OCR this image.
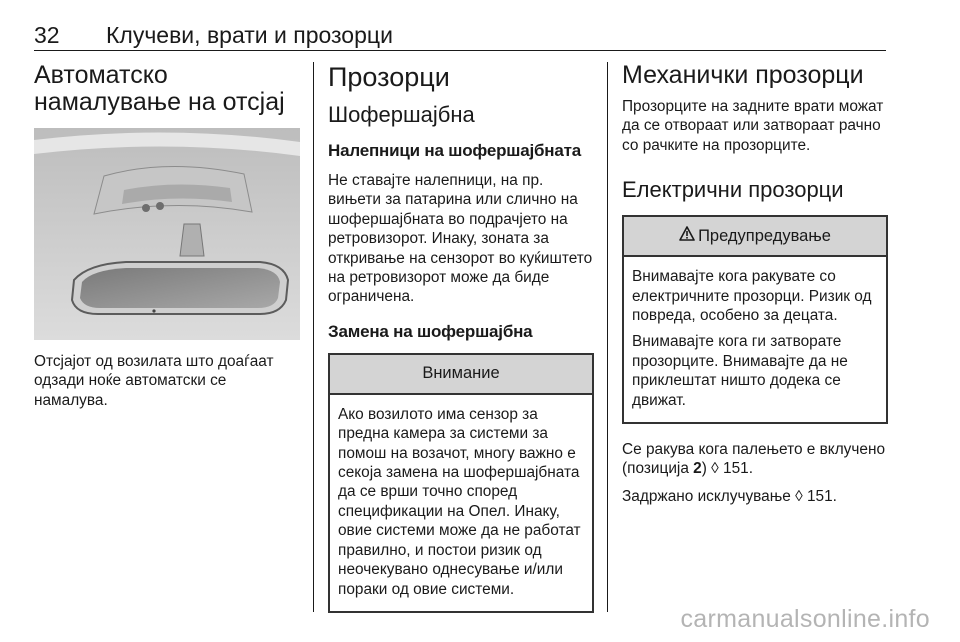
32 Клучеви, врати и прозорци
Автоматско намалување на отсјај

Отсјајот од возилата што доаѓаат одзади ноќе автоматски се намалува.

Прозорци
Шофершајбна
Налепници на шофершајбната

Не ставајте налепници, на пр. вињети за патарина или слично на шофершајбната во подрачјето на ретровизорот. Инаку, зоната за откривање на сензорот во куќиштето на ретровизорот може да биде ограничена.

Замена на шофершајбна
Внимание

Ако возилото има сензор за предна камера за системи за помош на возачот, многу важно е секоја замена на шофершајбната да се врши точно според спецификации на Опел. Инаку, овие системи може да не работат правилно, и постои ризик од неочекувано однесување и/или пораки од овие системи.

Механички прозорци

Прозорците на задните врати можат да се отвораат или затвораат рачно со рачките на прозорците.

Електрични прозорци
Предупредување

Внимавајте кога ракувате со електричните прозорци. Ризик од повреда, особено за децата.

Внимавајте кога ги затворате прозорците. Внимавајте да не приклештат ништо додека се движат.

Се ракува кога палењето е вклучено (позиција 2) ◊ 151.

Задржано исклучување ◊ 151.

carmanualsonline.info
